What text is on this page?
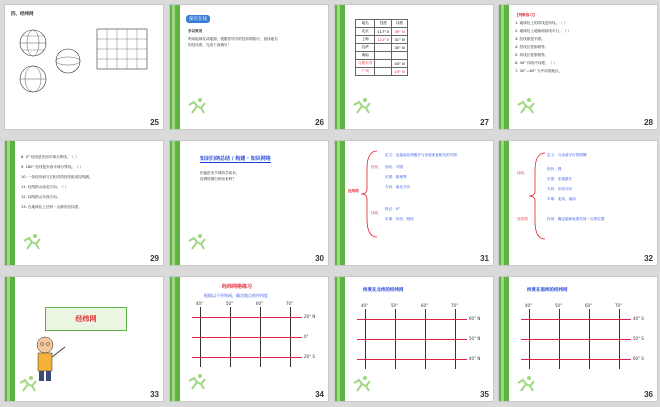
四、经纬网
25
探究在线
学以致用
利用地球仪或地图，根据你所学的经纬网知识，查找地名
的经纬度，完成下表填写！
26
地名	经度	纬度
北京	117° E	39° N
上海	121° E	31° N
拉萨		30° N
海南		
乌鲁木齐		44° N
广州		23° N
27
【判断练习】
1. 地球仪上的纬线是纬线。（ ）
2. 地球仪上地轴和纬线平行。（ ）
3. 经线都是半圆。
4. 经线长度都相等。
5. 纬线长度都相等。
6. 40° 纬线中纬度。（ ）
7. 30°—60° 为中纬度地区。
28
8. 0° 经线是东西半球分界线。（ ）
9. 180° 经线是东西半球分界线。（ ）
10. 一条经线和与它相对的经线组成经线圈。
11. 经线指示南北方向。（ ）
12. 纬线指示东西方向。
13. 在地球仪上任何一点都有经纬度。
29
知识归纳总结 / 构建 · 知识网络
你能把本节课所学知识，
用网络图归纳出来吗？
30
经纬网
经线
纬线
定义：连接南北两极并与赤道垂直相交的半圆
形状：半圆
长度：都相等
方向：南北方向
特点：0°
半球：东经、西经
31
纬线
经纬网
定义：与赤道平行的圆圈
形状：圆
长度：赤道最长
方向：东西方向
半球：北纬、南纬
作用：确定地球表面任何一点的位置
32
经纬网
33
经纬网格练习
根据以下经纬网，确定地点的经纬度
40°	50°	60°	70°
20° N
0°
20° S
34
纬度在北纬的经纬网
40°	50°	60°	70°
60° N
50° N
40° N
35
纬度在南纬的经纬网
40°	50°	60°	70°
40° S
50° S
60° S
36
